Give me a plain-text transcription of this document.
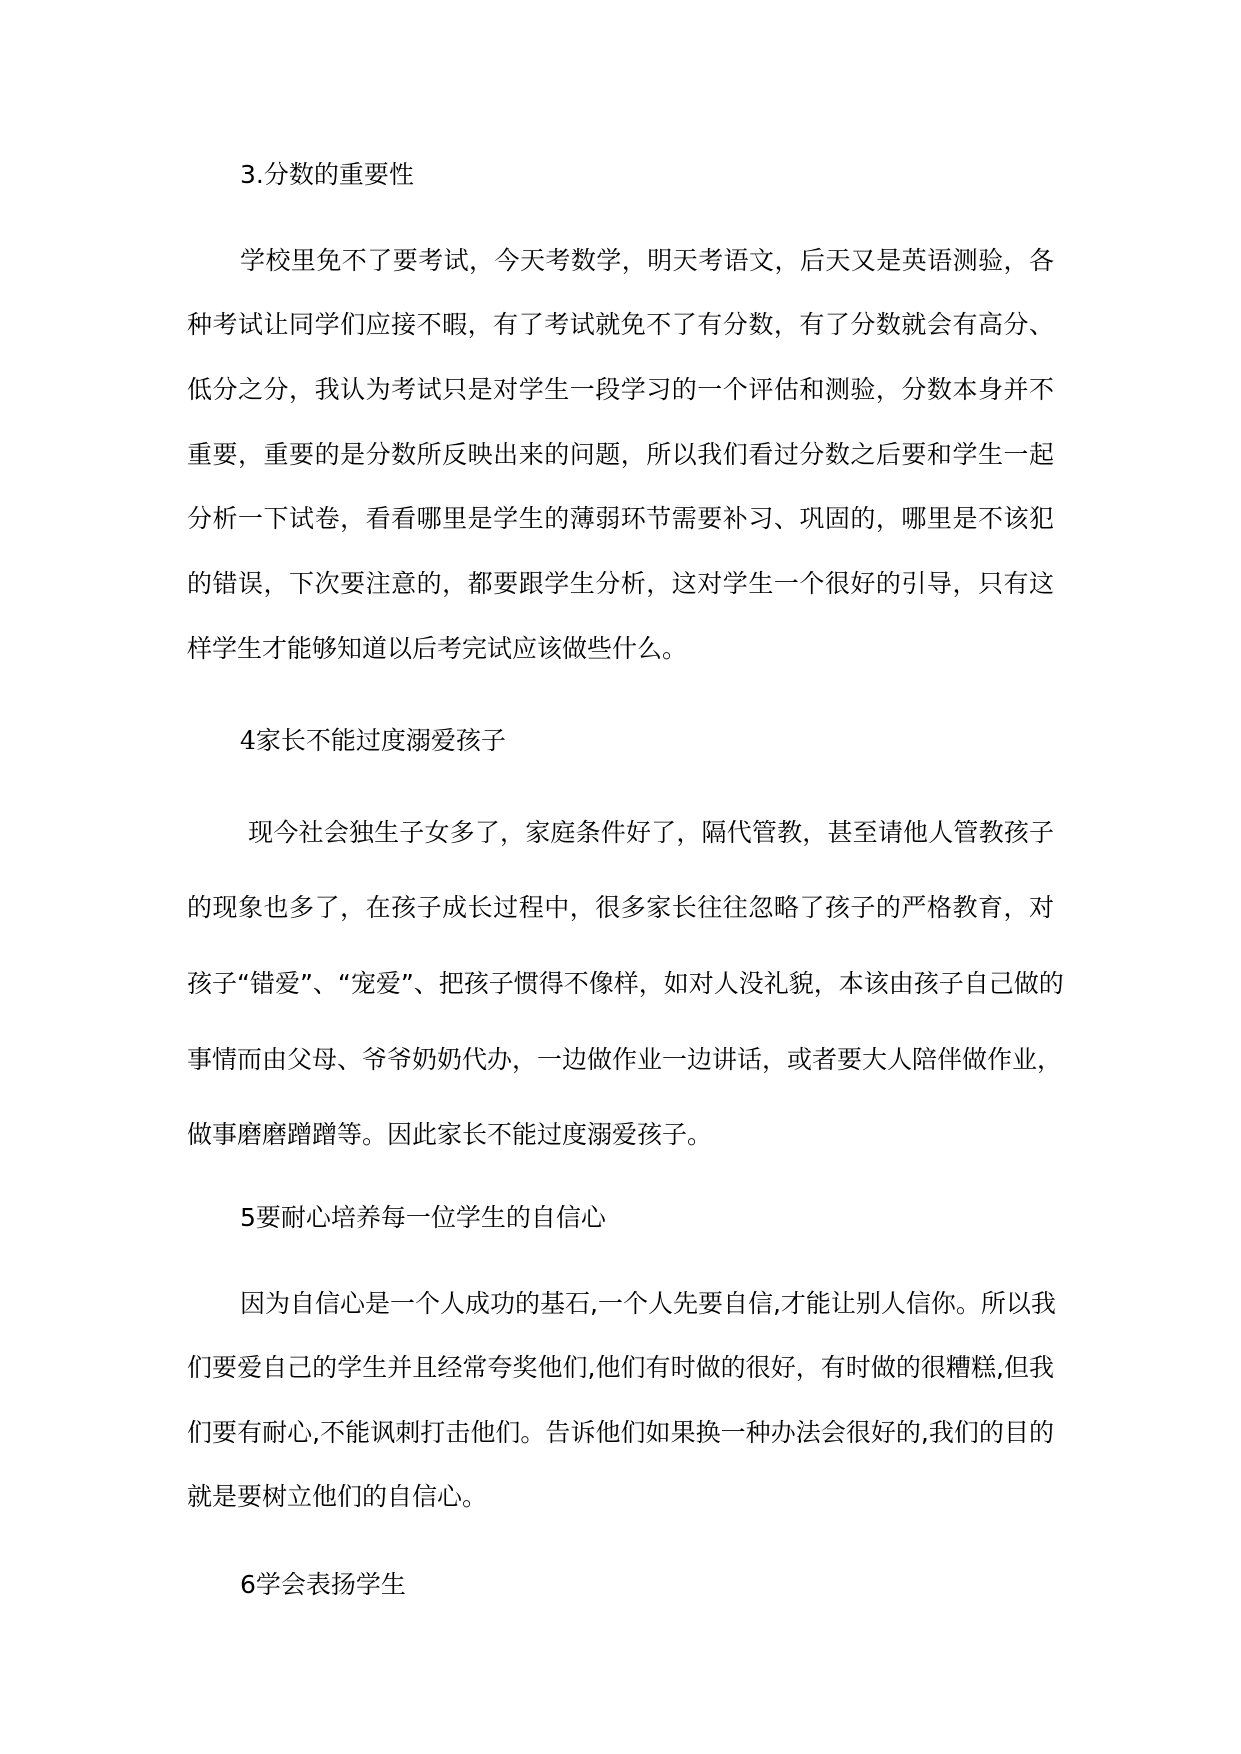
3.分数的重要性
学校里免不了要考试，今天考数学，明天考语文，后天又是英语测验，各
种考试让同学们应接不暇，有了考试就免不了有分数，有了分数就会有高分、
低分之分，我认为考试只是对学生一段学习的一个评估和测验，分数本身并不
重要，重要的是分数所反映出来的问题，所以我们看过分数之后要和学生一起
分析一下试卷，看看哪里是学生的薄弱环节需要补习、巩固的，哪里是不该犯
的错误，下次要注意的，都要跟学生分析，这对学生一个很好的引导，只有这
样学生才能够知道以后考完试应该做些什么。
4家长不能过度溺爱孩子
现今社会独生子女多了，家庭条件好了，隔代管教，甚至请他人管教孩子
的现象也多了，在孩子成长过程中，很多家长往往忽略了孩子的严格教育，对
孩子“错爱”、“宠爱”、把孩子惯得不像样，如对人没礼貌，本该由孩子自己做的
事情而由父母、爷爷奶奶代办，一边做作业一边讲话，或者要大人陪伴做作业，
做事磨磨蹭蹭等。因此家长不能过度溺爱孩子。
5要耐心培养每一位学生的自信心
因为自信心是一个人成功的基石,一个人先要自信,才能让别人信你。所以我
们要爱自己的学生并且经常夸奖他们,他们有时做的很好，有时做的很糟糕,但我
们要有耐心,不能讽刺打击他们。告诉他们如果换一种办法会很好的,我们的目的
就是要树立他们的自信心。
6学会表扬学生
